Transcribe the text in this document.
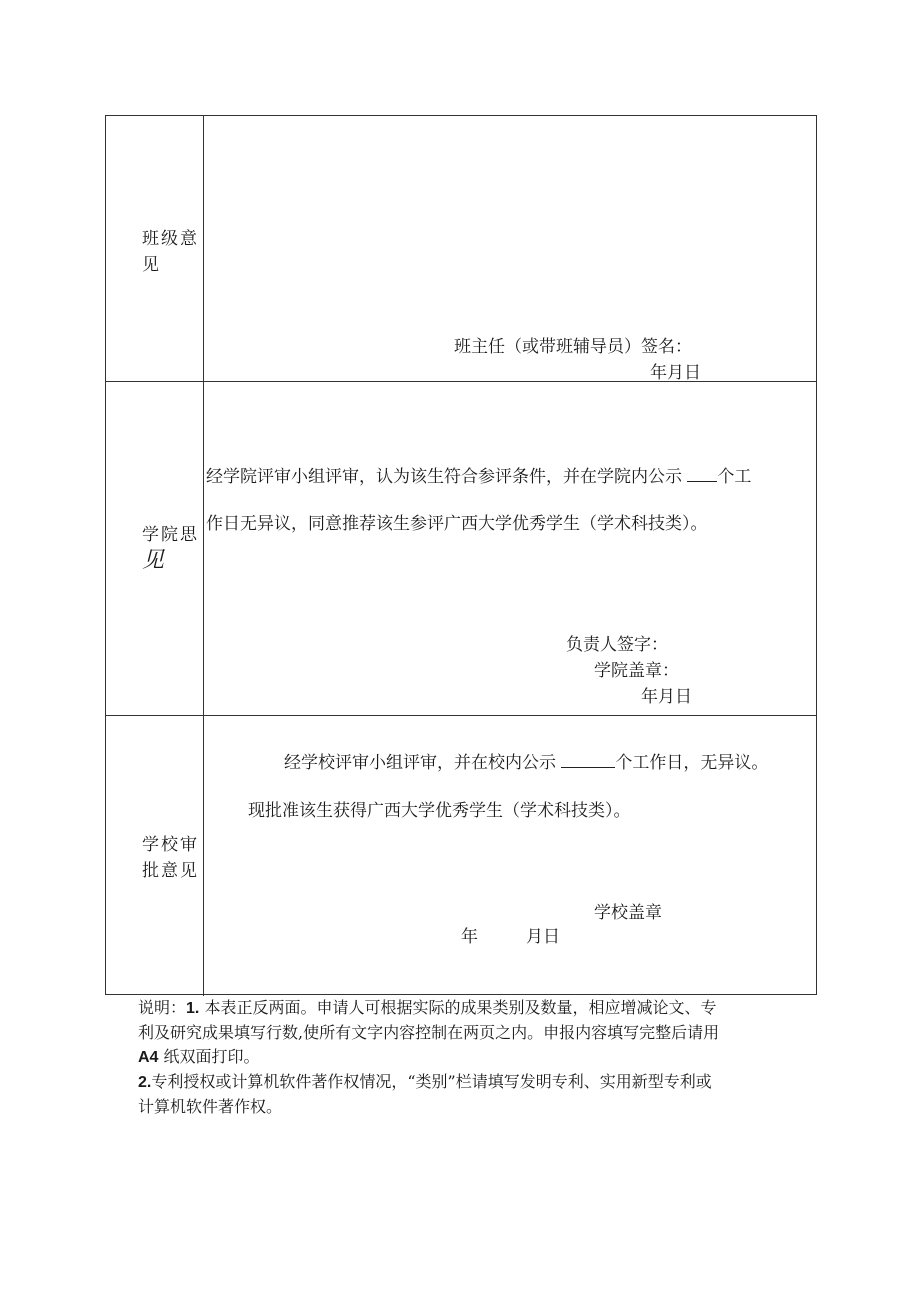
班级意
见
班主任（或带班辅导员）签名：
年月日
学院思
见
经学院评审小组评审，认为该生符合参评条件，并在学院内公示 个工
作日无异议，同意推荐该生参评广西大学优秀学生（学术科技类）。
负责人签字：
学院盖章：
年月日
学校审
批意见
经学校评审小组评审，并在校内公示	个工作日，无异议。
现批准该生获得广西大学优秀学生（学术科技类）。
学校盖章
年	月日
说明：1. 本表正反两面。申请人可根据实际的成果类别及数量，相应增减论文、专
利及研究成果填写行数,使所有文字内容控制在两页之内。申报内容填写完整后请用
A4 纸双面打印。
2.专利授权或计算机软件著作权情况，“类别”栏请填写发明专利、实用新型专利或
计算机软件著作权。
